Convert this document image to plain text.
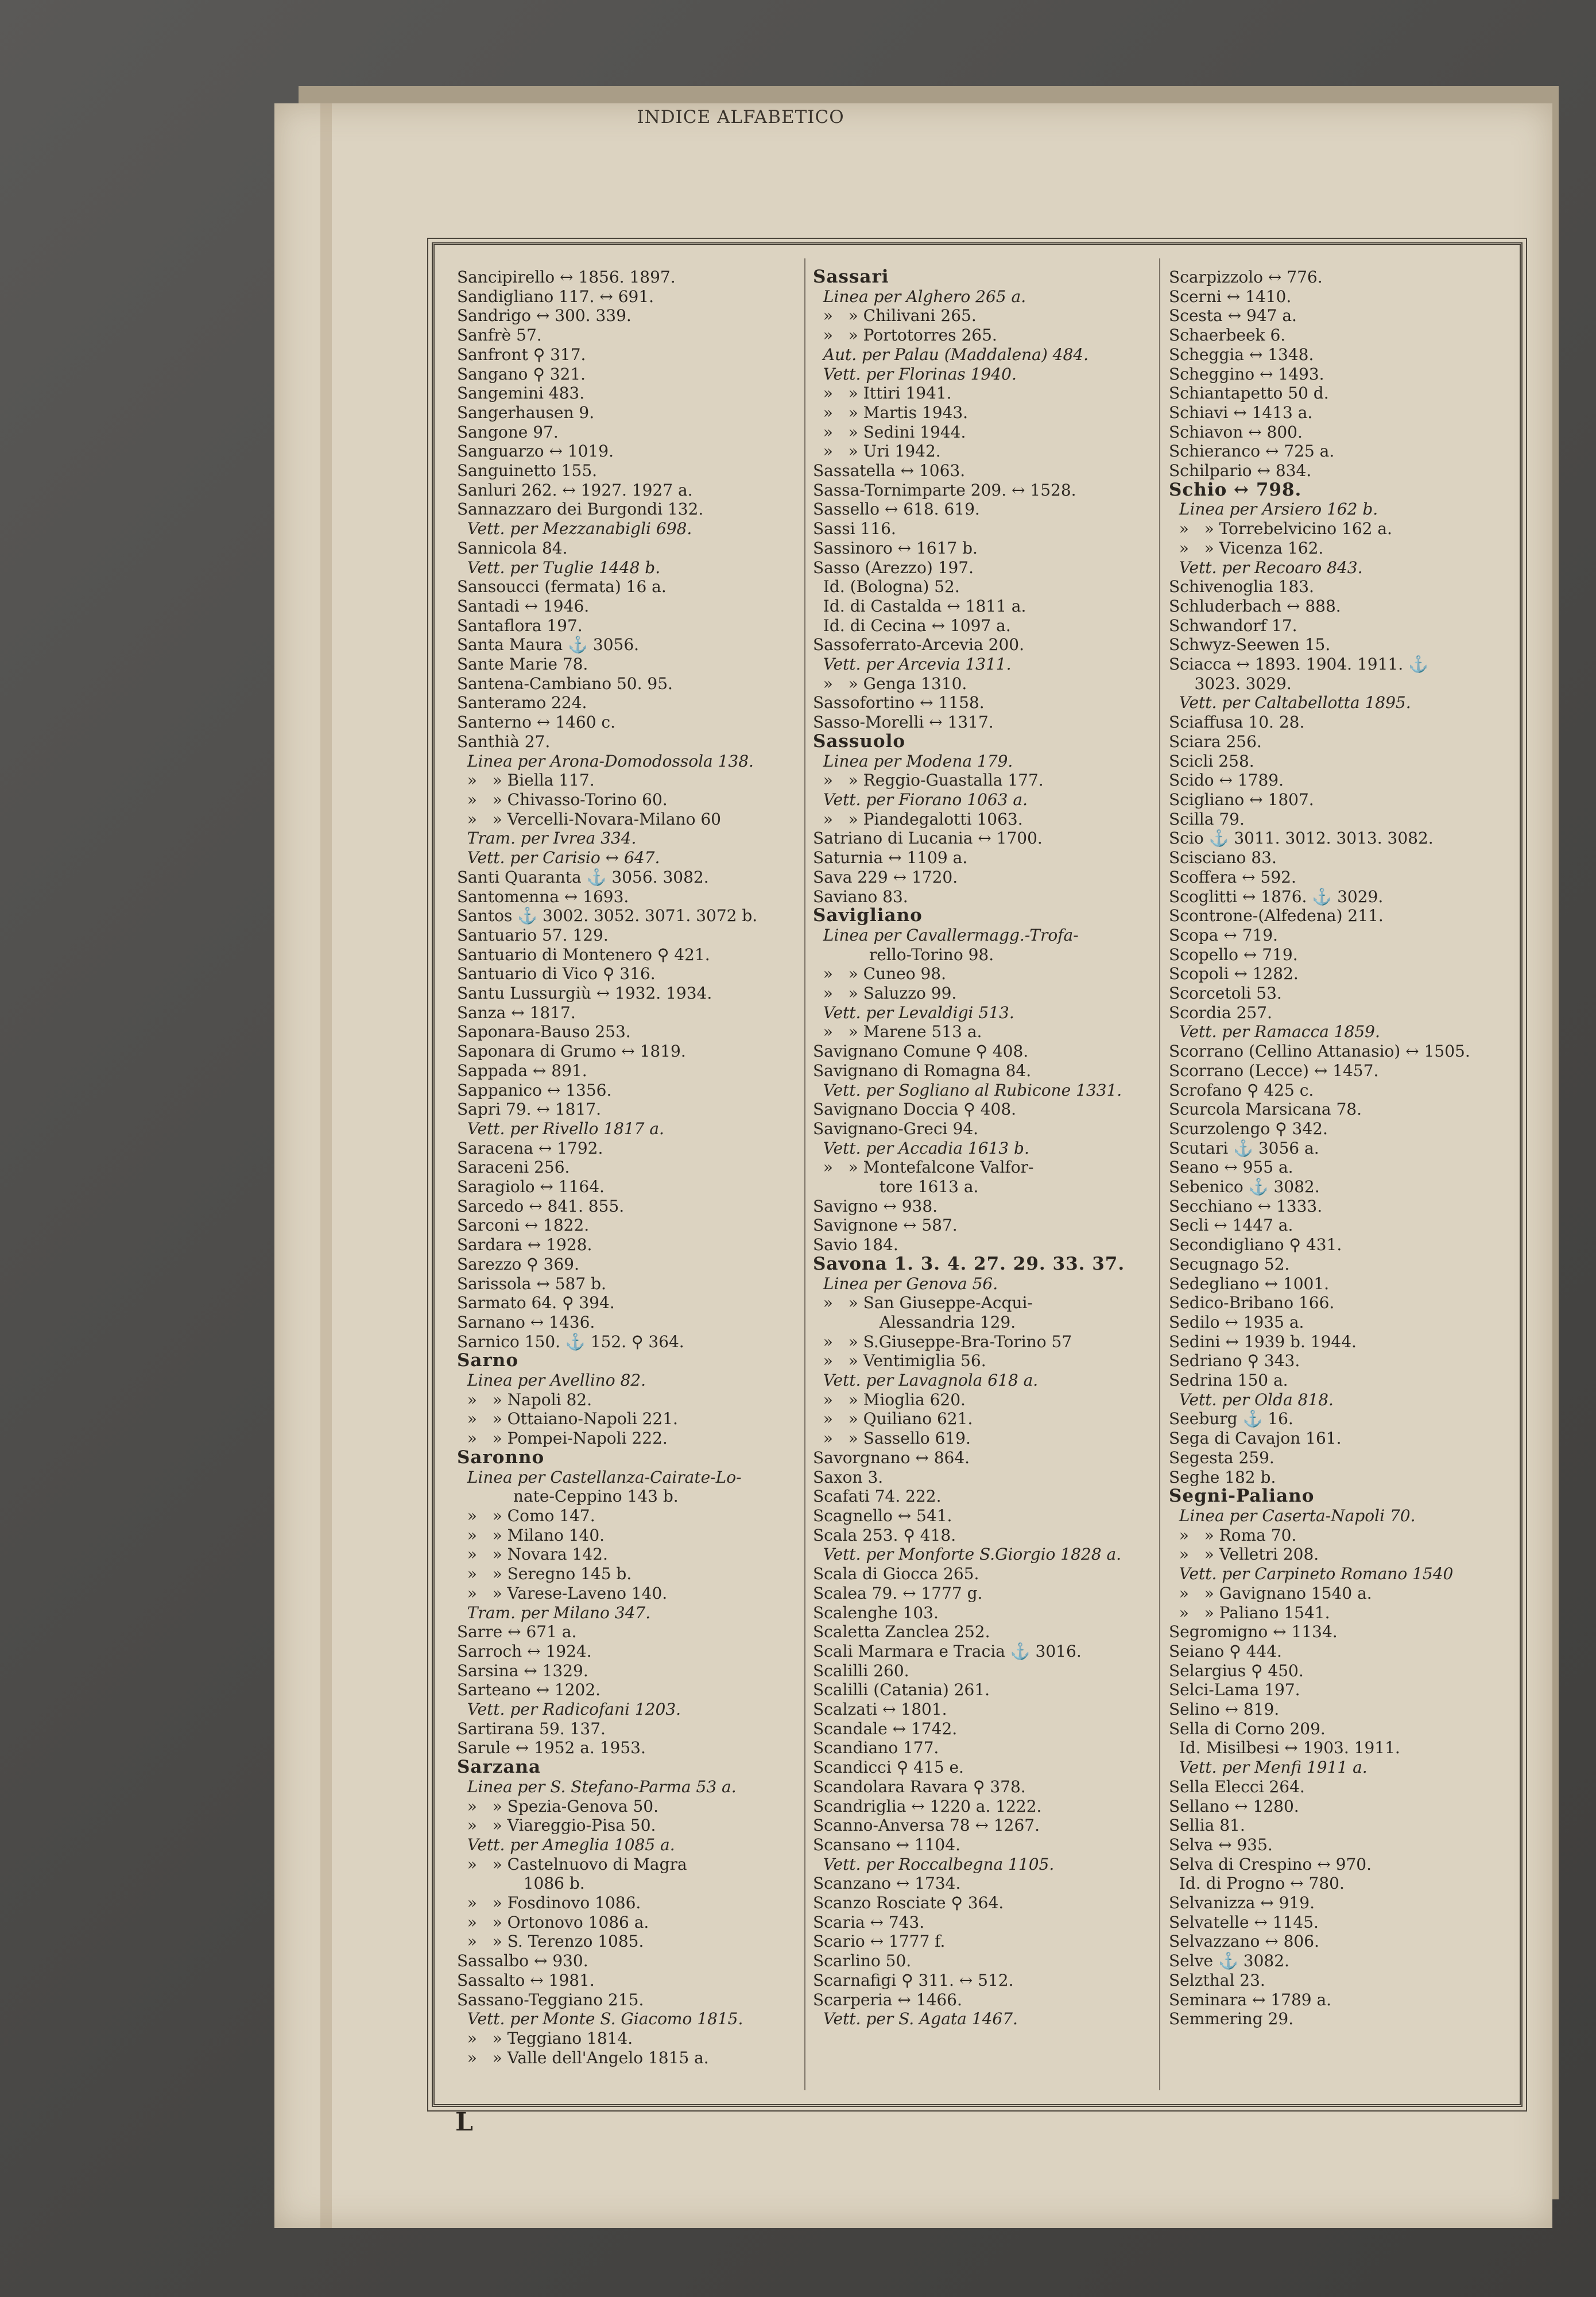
INDICE ALFABETICO
Sancipirello ↔ 1856. 1897.
Sandigliano 117. ↔ 691.
Sandrigo ↔ 300. 339.
Sanfrè 57.
Sanfront ⚲ 317.
Sangano ⚲ 321.
Sangemini 483.
Sangerhausen 9.
Sangone 97.
Sanguarzo ↔ 1019.
Sanguinetto 155.
Sanluri 262. ↔ 1927. 1927 a.
Sannazzaro dei Burgondi 132.
Vett. per Mezzanabigli 698.
Sannicola 84.
Vett. per Tuglie 1448 b.
Sansoucci (fermata) 16 a.
Santadi ↔ 1946.
Santaflora 197.
Santa Maura ⚓ 3056.
Sante Marie 78.
Santena-Cambiano 50. 95.
Santeramo 224.
Santerno ↔ 1460 c.
Santhià 27.
Linea per Arona-Domodossola 138.
»   » Biella 117.
»   » Chivasso-Torino 60.
»   » Vercelli-Novara-Milano 60
Tram. per Ivrea 334.
Vett. per Carisio ↔ 647.
Santi Quaranta ⚓ 3056. 3082.
Santomenna ↔ 1693.
Santos ⚓ 3002. 3052. 3071. 3072 b.
Santuario 57. 129.
Santuario di Montenero ⚲ 421.
Santuario di Vico ⚲ 316.
Santu Lussurgiù ↔ 1932. 1934.
Sanza ↔ 1817.
Saponara-Bauso 253.
Saponara di Grumo ↔ 1819.
Sappada ↔ 891.
Sappanico ↔ 1356.
Sapri 79. ↔ 1817.
Vett. per Rivello 1817 a.
Saracena ↔ 1792.
Saraceni 256.
Saragiolo ↔ 1164.
Sarcedo ↔ 841. 855.
Sarconi ↔ 1822.
Sardara ↔ 1928.
Sarezzo ⚲ 369.
Sarissola ↔ 587 b.
Sarmato 64. ⚲ 394.
Sarnano ↔ 1436.
Sarnico 150. ⚓ 152. ⚲ 364.
Sarno
Linea per Avellino 82.
»   » Napoli 82.
»   » Ottaiano-Napoli 221.
»   » Pompei-Napoli 222.
Saronno
Linea per Castellanza-Cairate-Lo-
nate-Ceppino 143 b.
»   » Como 147.
»   » Milano 140.
»   » Novara 142.
»   » Seregno 145 b.
»   » Varese-Laveno 140.
Tram. per Milano 347.
Sarre ↔ 671 a.
Sarroch ↔ 1924.
Sarsina ↔ 1329.
Sarteano ↔ 1202.
Vett. per Radicofani 1203.
Sartirana 59. 137.
Sarule ↔ 1952 a. 1953.
Sarzana
Linea per S. Stefano-Parma 53 a.
»   » Spezia-Genova 50.
»   » Viareggio-Pisa 50.
Vett. per Ameglia 1085 a.
»   » Castelnuovo di Magra
1086 b.
»   » Fosdinovo 1086.
»   » Ortonovo 1086 a.
»   » S. Terenzo 1085.
Sassalbo ↔ 930.
Sassalto ↔ 1981.
Sassano-Teggiano 215.
Vett. per Monte S. Giacomo 1815.
»   » Teggiano 1814.
»   » Valle dell'Angelo 1815 a.
Sassari
Linea per Alghero 265 a.
»   » Chilivani 265.
»   » Portotorres 265.
Aut. per Palau (Maddalena) 484.
Vett. per Florinas 1940.
»   » Ittiri 1941.
»   » Martis 1943.
»   » Sedini 1944.
»   » Uri 1942.
Sassatella ↔ 1063.
Sassa-Tornimparte 209. ↔ 1528.
Sassello ↔ 618. 619.
Sassi 116.
Sassinoro ↔ 1617 b.
Sasso (Arezzo) 197.
Id. (Bologna) 52.
Id. di Castalda ↔ 1811 a.
Id. di Cecina ↔ 1097 a.
Sassoferrato-Arcevia 200.
Vett. per Arcevia 1311.
»   » Genga 1310.
Sassofortino ↔ 1158.
Sasso-Morelli ↔ 1317.
Sassuolo
Linea per Modena 179.
»   » Reggio-Guastalla 177.
Vett. per Fiorano 1063 a.
»   » Piandegalotti 1063.
Satriano di Lucania ↔ 1700.
Saturnia ↔ 1109 a.
Sava 229 ↔ 1720.
Saviano 83.
Savigliano
Linea per Cavallermagg.-Trofa-
rello-Torino 98.
»   » Cuneo 98.
»   » Saluzzo 99.
Vett. per Levaldigi 513.
»   » Marene 513 a.
Savignano Comune ⚲ 408.
Savignano di Romagna 84.
Vett. per Sogliano al Rubicone 1331.
Savignano Doccia ⚲ 408.
Savignano-Greci 94.
Vett. per Accadia 1613 b.
»   » Montefalcone Valfor-
tore 1613 a.
Savigno ↔ 938.
Savignone ↔ 587.
Savio 184.
Savona 1. 3. 4. 27. 29. 33. 37.
Linea per Genova 56.
»   » San Giuseppe-Acqui-
Alessandria 129.
»   » S.Giuseppe-Bra-Torino 57
»   » Ventimiglia 56.
Vett. per Lavagnola 618 a.
»   » Mioglia 620.
»   » Quiliano 621.
»   » Sassello 619.
Savorgnano ↔ 864.
Saxon 3.
Scafati 74. 222.
Scagnello ↔ 541.
Scala 253. ⚲ 418.
Vett. per Monforte S.Giorgio 1828 a.
Scala di Giocca 265.
Scalea 79. ↔ 1777 g.
Scalenghe 103.
Scaletta Zanclea 252.
Scali Marmara e Tracia ⚓ 3016.
Scalilli 260.
Scalilli (Catania) 261.
Scalzati ↔ 1801.
Scandale ↔ 1742.
Scandiano 177.
Scandicci ⚲ 415 e.
Scandolara Ravara ⚲ 378.
Scandriglia ↔ 1220 a. 1222.
Scanno-Anversa 78 ↔ 1267.
Scansano ↔ 1104.
Vett. per Roccalbegna 1105.
Scanzano ↔ 1734.
Scanzo Rosciate ⚲ 364.
Scaria ↔ 743.
Scario ↔ 1777 f.
Scarlino 50.
Scarnafigi ⚲ 311. ↔ 512.
Scarperia ↔ 1466.
Vett. per S. Agata 1467.
Scarpizzolo ↔ 776.
Scerni ↔ 1410.
Scesta ↔ 947 a.
Schaerbeek 6.
Scheggia ↔ 1348.
Scheggino ↔ 1493.
Schiantapetto 50 d.
Schiavi ↔ 1413 a.
Schiavon ↔ 800.
Schieranco ↔ 725 a.
Schilpario ↔ 834.
Schio ↔ 798.
Linea per Arsiero 162 b.
»   » Torrebelvicino 162 a.
»   » Vicenza 162.
Vett. per Recoaro 843.
Schivenoglia 183.
Schluderbach ↔ 888.
Schwandorf 17.
Schwyz-Seewen 15.
Sciacca ↔ 1893. 1904. 1911. ⚓
3023. 3029.
Vett. per Caltabellotta 1895.
Sciaffusa 10. 28.
Sciara 256.
Scicli 258.
Scido ↔ 1789.
Scigliano ↔ 1807.
Scilla 79.
Scio ⚓ 3011. 3012. 3013. 3082.
Scisciano 83.
Scoffera ↔ 592.
Scoglitti ↔ 1876. ⚓ 3029.
Scontrone-(Alfedena) 211.
Scopa ↔ 719.
Scopello ↔ 719.
Scopoli ↔ 1282.
Scorcetoli 53.
Scordia 257.
Vett. per Ramacca 1859.
Scorrano (Cellino Attanasio) ↔ 1505.
Scorrano (Lecce) ↔ 1457.
Scrofano ⚲ 425 c.
Scurcola Marsicana 78.
Scurzolengo ⚲ 342.
Scutari ⚓ 3056 a.
Seano ↔ 955 a.
Sebenico ⚓ 3082.
Secchiano ↔ 1333.
Secli ↔ 1447 a.
Secondigliano ⚲ 431.
Secugnago 52.
Sedegliano ↔ 1001.
Sedico-Bribano 166.
Sedilo ↔ 1935 a.
Sedini ↔ 1939 b. 1944.
Sedriano ⚲ 343.
Sedrina 150 a.
Vett. per Olda 818.
Seeburg ⚓ 16.
Sega di Cavajon 161.
Segesta 259.
Seghe 182 b.
Segni-Paliano
Linea per Caserta-Napoli 70.
»   » Roma 70.
»   » Velletri 208.
Vett. per Carpineto Romano 1540
»   » Gavignano 1540 a.
»   » Paliano 1541.
Segromigno ↔ 1134.
Seiano ⚲ 444.
Selargius ⚲ 450.
Selci-Lama 197.
Selino ↔ 819.
Sella di Corno 209.
Id. Misilbesi ↔ 1903. 1911.
Vett. per Menfi 1911 a.
Sella Elecci 264.
Sellano ↔ 1280.
Sellia 81.
Selva ↔ 935.
Selva di Crespino ↔ 970.
Id. di Progno ↔ 780.
Selvanizza ↔ 919.
Selvatelle ↔ 1145.
Selvazzano ↔ 806.
Selve ⚓ 3082.
Selzthal 23.
Seminara ↔ 1789 a.
Semmering 29.
L
